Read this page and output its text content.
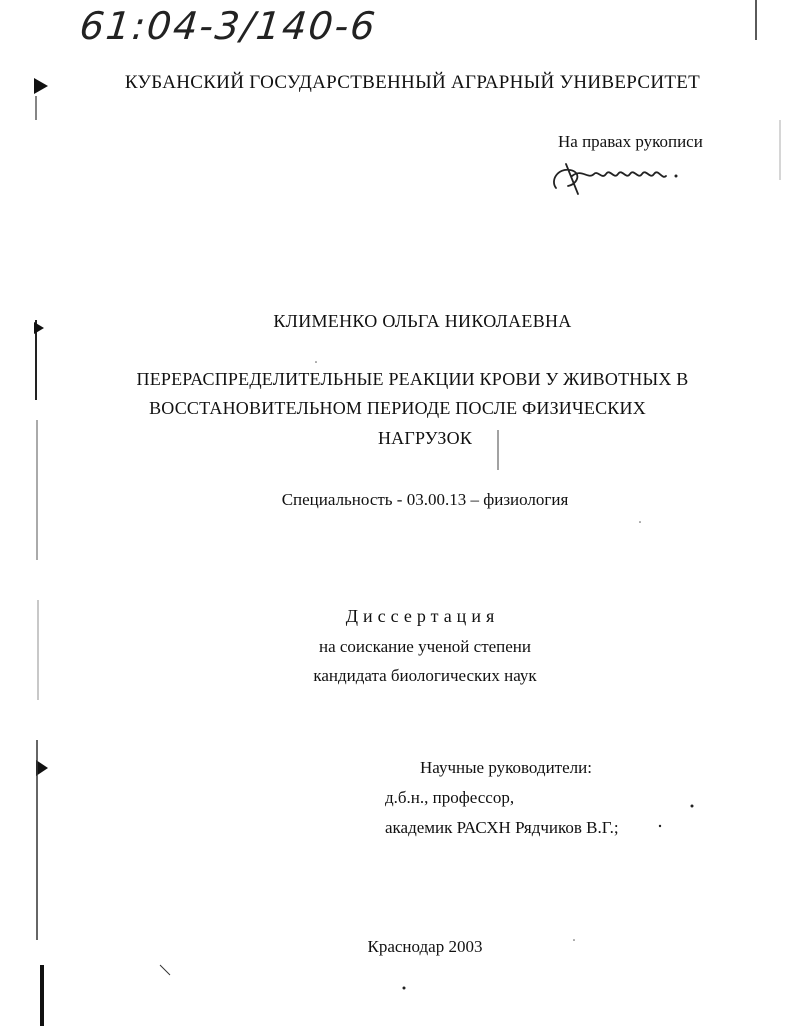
61:04-3/140-6
КУБАНСКИЙ ГОСУДАРСТВЕННЫЙ АГРАРНЫЙ УНИВЕРСИТЕТ
На правах рукописи
КЛИМЕНКО ОЛЬГА НИКОЛАЕВНА
ПЕРЕРАСПРЕДЕЛИТЕЛЬНЫЕ РЕАКЦИИ КРОВИ У ЖИВОТНЫХ В
ВОССТАНОВИТЕЛЬНОМ ПЕРИОДЕ ПОСЛЕ ФИЗИЧЕСКИХ
НАГРУЗОК
Специальность - 03.00.13 – физиология
Диссертация
на соискание ученой степени
кандидата биологических наук
Научные руководители:
д.б.н., профессор,
академик РАСХН Рядчиков В.Г.;
Краснодар 2003
